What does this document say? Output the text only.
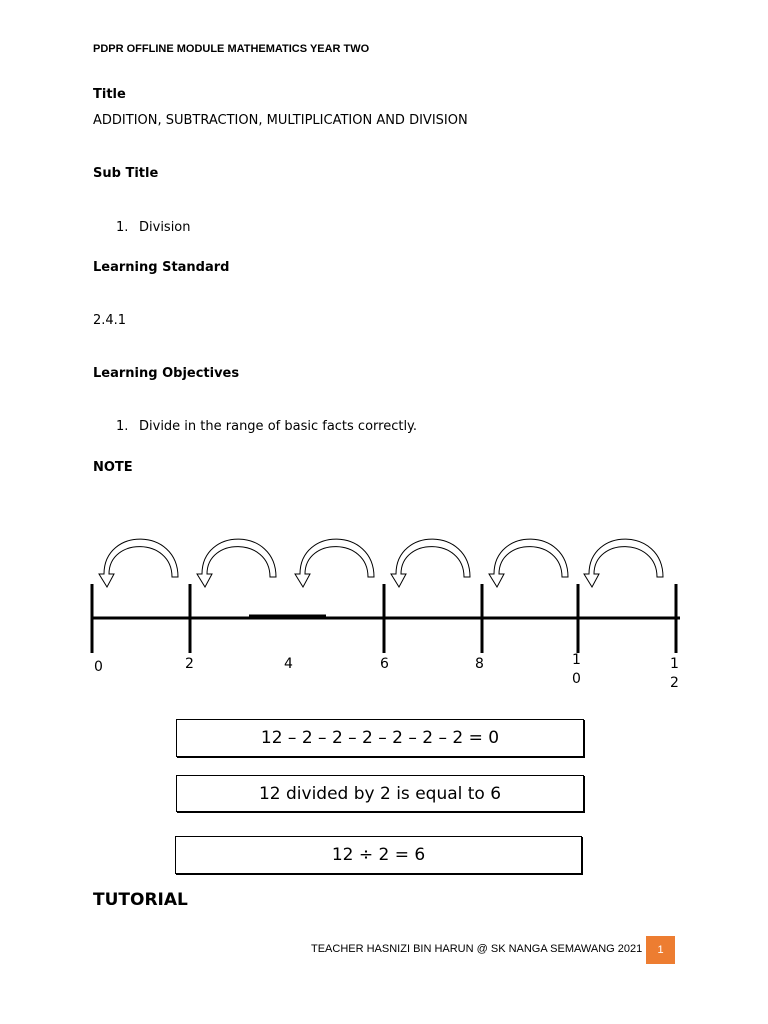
PDPR OFFLINE MODULE MATHEMATICS YEAR TWO
Title
ADDITION, SUBTRACTION, MULTIPLICATION AND DIVISION
Sub Title
1. Division
Learning Standard
2.4.1
Learning Objectives
1. Divide in the range of basic facts correctly.
NOTE
0	2	4	6	8	1
0
1
2
12 – 2 – 2 – 2 – 2 – 2 – 2 = 0
12 divided by 2 is equal to 6
12 ÷ 2 = 6
TUTORIAL
TEACHER HASNIZI BIN HARUN @ SK NANGA SEMAWANG 2021	1
